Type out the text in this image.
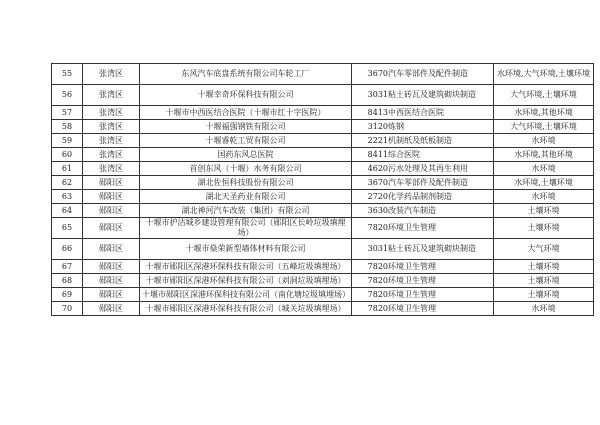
55	张湾区	东风汽车底盘系统有限公司车轮工厂	3670汽车零部件及配件制造	水环境,大气环境,土壤环境
56	张湾区	十堰幸奇环保科技有限公司	3031粘土砖瓦及建筑砌块制造	大气环境,土壤环境
57	张湾区	十堰市中西医结合医院（十堰市红十字医院）	8413中西医结合医院	水环境,其他环境
58	张湾区	十堰福强钢铁有限公司	3120炼钢	大气环境,土壤环境
59	张湾区	十堰睿乾工贸有限公司	2221机制纸及纸板制造	水环境
60	张湾区	国药东风总医院	8411综合医院	水环境,其他环境
61	张湾区	首创东风（十堰）水务有限公司	4620污水处理及其再生利用	水环境
62	郧阳区	湖北佐恒科技股份有限公司	3670汽车零部件及配件制造	水环境,土壤环境
63	郧阳区	湖北天圣药业有限公司	2720化学药品制剂制造	水环境
64	郧阳区	湖北神河汽车改装（集团）有限公司	3630改装汽车制造	土壤环境
65	郧阳区	十堰市护沽城乡建设管理有限公司（郧阳区长岭垃圾填埋场）	7820环境卫生管理	土壤环境
66	郧阳区	十堰市燊荣新型墙体材料有限公司	3031粘土砖瓦及建筑砌块制造	大气环境
67	郧阳区	十堰市郧阳区深港环保科技有限公司（五峰垃圾填埋场）	7820环境卫生管理	土壤环境
68	郧阳区	十堰市郧阳区深港环保科技有限公司（刘洞垃圾填埋场）	7820环境卫生管理	土壤环境
69	郧阳区	十堰市郧阳区深港环保科技有限公司（南化塘垃圾填埋场）	7820环境卫生管理	土壤环境
70	郧阳区	十堰市郧阳区深港环保科技有限公司（城关垃圾填埋场）	7820环境卫生管理	水环境
